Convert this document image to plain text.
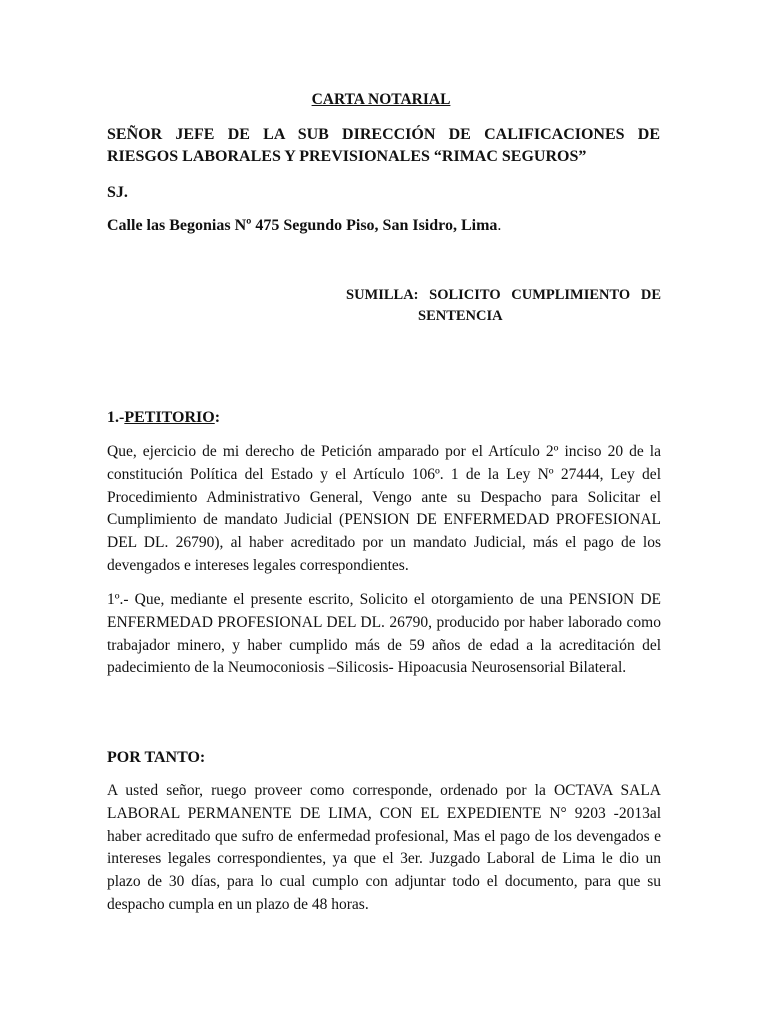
CARTA NOTARIAL
SEÑOR JEFE DE LA SUB DIRECCIÓN DE CALIFICACIONES DE RIESGOS LABORALES Y PREVISIONALES “RIMAC SEGUROS”
SJ.
Calle las Begonias Nº 475 Segundo Piso, San Isidro, Lima.
SUMILLA: SOLICITO CUMPLIMIENTO DE
SENTENCIA
1.-PETITORIO:
Que, ejercicio de mi derecho de Petición amparado por el Artículo 2º inciso 20 de la constitución Política del Estado y el Artículo 106º. 1 de la Ley Nº 27444, Ley del Procedimiento Administrativo General, Vengo ante su Despacho para Solicitar el Cumplimiento de mandato Judicial (PENSION DE ENFERMEDAD PROFESIONAL DEL DL. 26790), al haber acreditado por un mandato Judicial, más el pago de los devengados e intereses legales correspondientes.
1º.- Que, mediante el presente escrito, Solicito el otorgamiento de una PENSION DE ENFERMEDAD PROFESIONAL DEL DL. 26790, producido por haber laborado como trabajador minero, y haber cumplido más de 59 años de edad a la acreditación del padecimiento de la Neumoconiosis –Silicosis- Hipoacusia Neurosensorial Bilateral.
POR TANTO:
A usted señor, ruego proveer como corresponde, ordenado por la OCTAVA SALA LABORAL PERMANENTE DE LIMA, CON EL EXPEDIENTE N° 9203 -2013al haber acreditado que sufro de enfermedad profesional, Mas el pago de los devengados e intereses legales correspondientes, ya que el 3er. Juzgado Laboral de Lima le dio un plazo de 30 días, para lo cual cumplo con adjuntar todo el documento, para que su despacho cumpla en un plazo de 48 horas.
